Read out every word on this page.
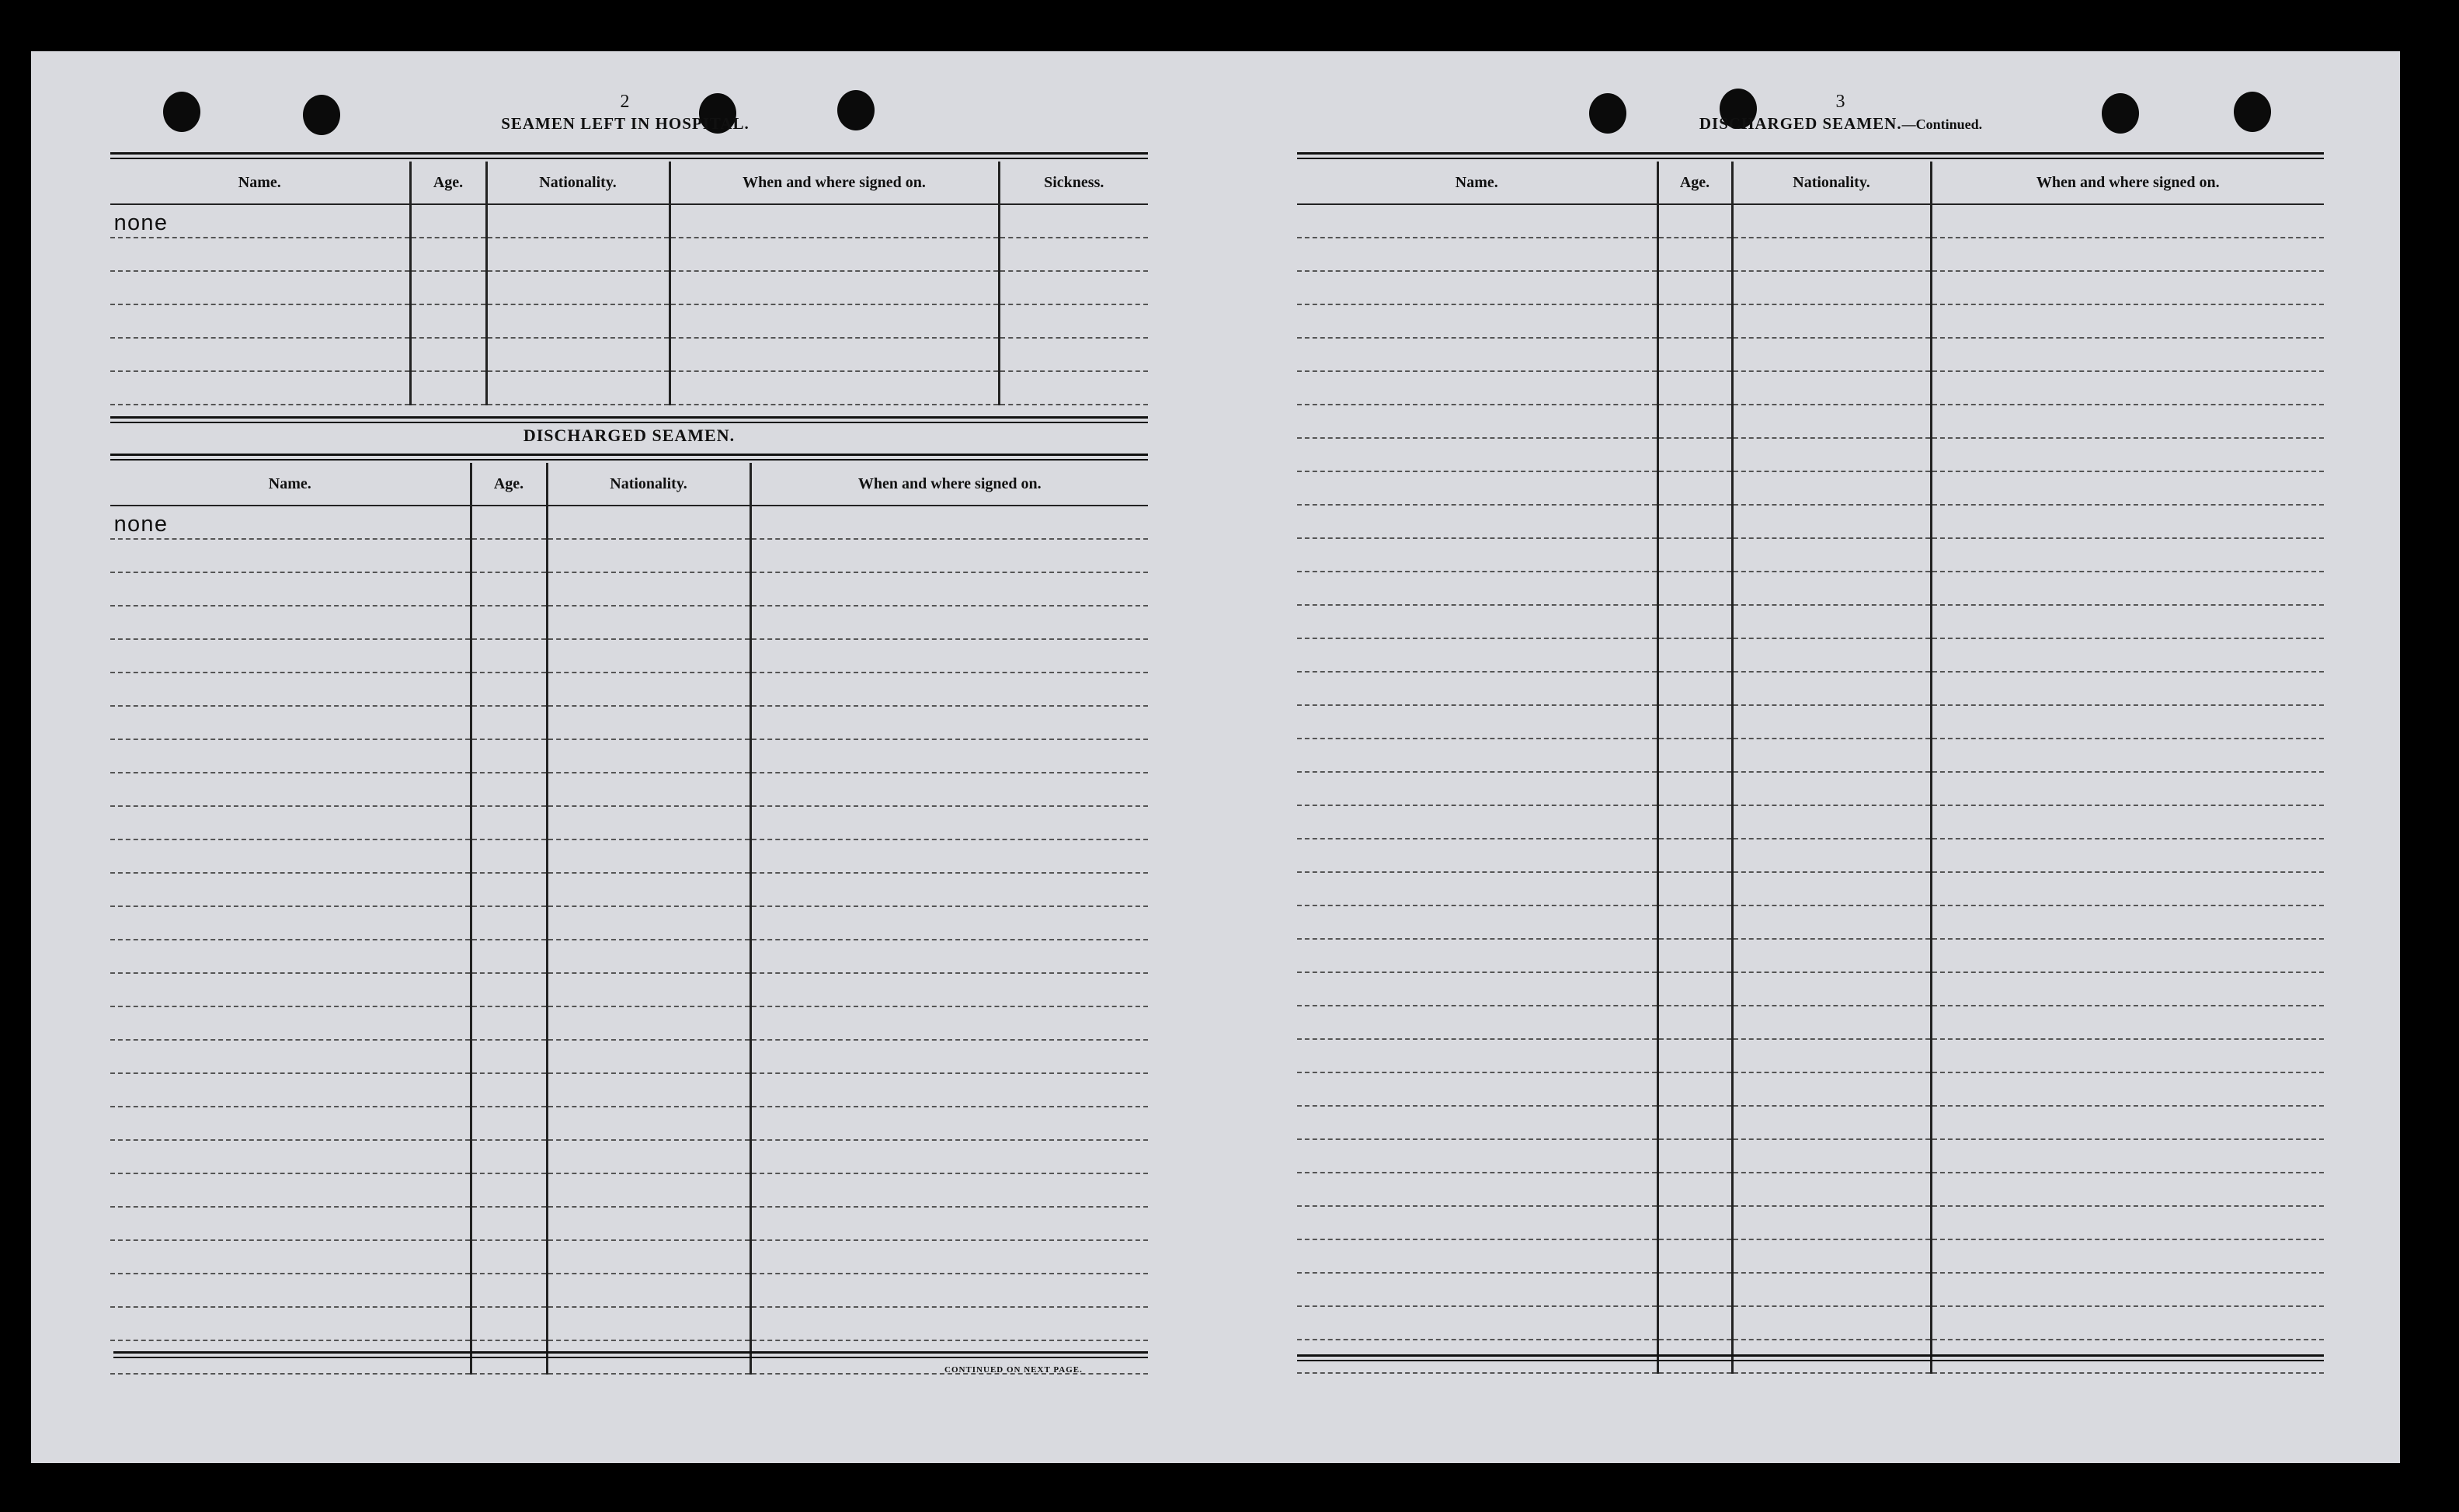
2
SEAMEN LEFT IN HOSPITAL.
Name.	Age.	Nationality.	When and where signed on.	Sickness.
none				

DISCHARGED SEAMEN.
Name.	Age.	Nationality.	When and where signed on.
none			

CONTINUED ON NEXT PAGE.
3
DISCHARGED SEAMEN.—Continued.
Name.	Age.	Nationality.	When and where signed on.
